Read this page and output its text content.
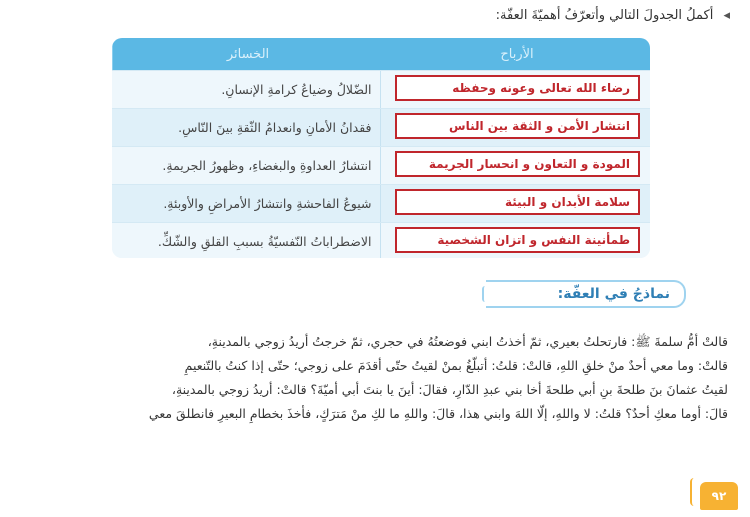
◂ أكملُ الجدولَ التالي وأتعرّفُ أهميّةَ العفّة:
الخسائر	الأرباح
الضّلالُ وضياعُ كرامةِ الإنسانِ.	رضاء الله تعالى وعونه وحفظه
فقدانُ الأمانِ وانعدامُ الثّقةِ بينَ النّاسِ.	انتشار الأمن و الثقة بين الناس
انتشارُ العداوةِ والبغضاءِ، وظهورُ الجريمةِ.	المودة و التعاون و انحسار الجريمة
شيوعُ الفاحشةِ وانتشارُ الأمراضِ والأوبئةِ.	سلامة الأبدان و البيئة
الاضطراباتُ النّفسيّةُ بسببِ القلقِ والشّكِّ.	طمأنينة النفس و اتزان الشخصية
نماذجُ في العفّة:

قالتْ أمُّ سلمةَ ﷺ: فارتحلتُ بعيري، ثمّ أخذتُ ابني فوضعتُهُ في حجري، ثمّ خرجتُ أريدُ زوجي بالمدينةِ،

قالتْ: وما معي أحدٌ منْ خلقِ اللهِ، قالتْ: قلتُ: أتبلّغُ بمنْ لقيتُ حتّى أقدَمَ على زوجي؛ حتّى إذا كنتُ بالتّنعيمِ

لقيتُ عثمانَ بنَ طلحةَ بنِ أبي طلحةَ أخا بني عبدِ الدّارِ، فقالَ: أينَ يا بنتَ أبي أميّةَ؟ قالتْ: أريدُ زوجي بالمدينةِ،

قالَ: أوما معكِ أحدٌ؟ قلتُ: لا واللهِ، إلّا اللهَ وابني هذا، قالَ: واللهِ ما لكِ منْ مَترَكٍ، فأخذَ بخطامِ البعيرِ فانطلقَ معي

٩٢
